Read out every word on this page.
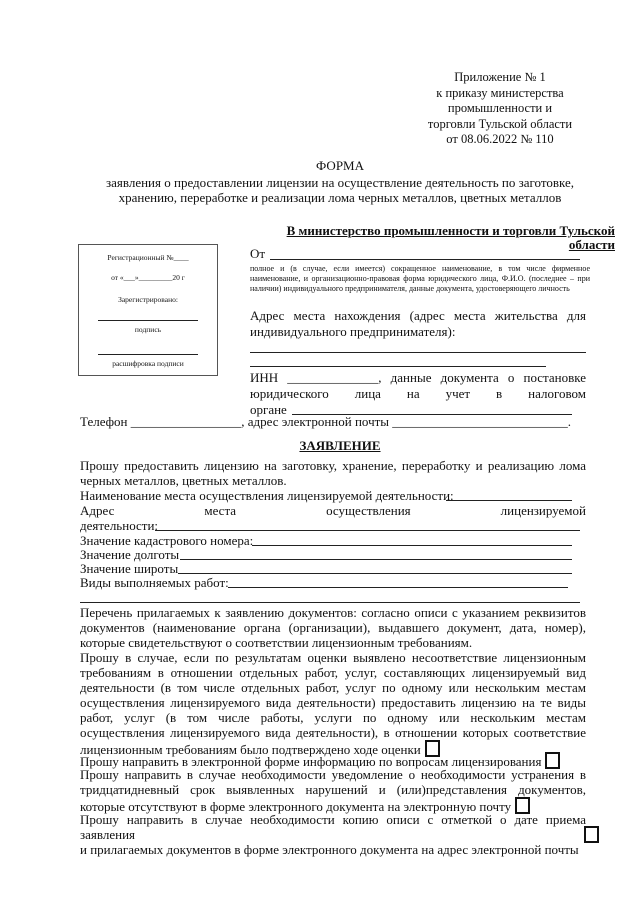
Приложение № 1
к приказу министерства
промышленности и
торговли Тульской области
от 08.06.2022 № 110
ФОРМА
заявления о предоставлении лицензии на осуществление деятельность по заготовке,
хранению, переработке и реализации лома черных металлов, цветных металлов
В министерство промышленности и торговли Тульской
области
Регистрационный №____
от «___»_________20 г
Зарегистрировано:
подпись
расшифровка подписи
От
полное и (в случае, если имеется) сокращенное наименование, в том числе фирменное наименование, и организационно-правовая форма юридического лица, Ф.И.О. (последнее – при наличии) индивидуального предпринимателя, данные документа, удостоверяющего личность
Адрес места нахождения (адрес места жительства для индивидуального предпринимателя):
ИНН ______________, данные документа о постановке
юридического лица на учет в налоговом
органе
Телефон _________________, адрес электронной почты ___________________________.
ЗАЯВЛЕНИЕ
Прошу предоставить лицензию на заготовку, хранение, переработку и реализацию лома черных металлов, цветных металлов.
Наименование места осуществления лицензируемой деятельности:
Адрес места осуществления лицензируемой
деятельности:
Значение кадастрового номера:
Значение долготы
Значение широты
Виды выполняемых работ:
Перечень прилагаемых к заявлению документов: согласно описи с указанием реквизитов документов (наименование органа (организации), выдавшего документ, дата, номер), которые свидетельствуют о соответствии лицензионным требованиям.
Прошу в случае, если по результатам оценки выявлено несоответствие лицензионным требованиям в отношении отдельных работ, услуг, составляющих лицензируемый вид деятельности (в том числе отдельных работ, услуг по одному или нескольким местам осуществления лицензируемого вида деятельности) предоставить лицензию на те виды работ, услуг (в том числе работы, услуги по одному или нескольким местам осуществления лицензируемого вида деятельности), в отношении которых соответствие лицензионным требованиям было подтверждено ходе оценки
Прошу направить в электронной форме информацию по вопросам лицензирования
Прошу направить в случае необходимости уведомление о необходимости устранения в тридцатидневный срок выявленных нарушений и (или)представления документов, которые отсутствуют в форме электронного документа на электронную почту
Прошу направить в случае необходимости копию описи с отметкой о дате приема заявления
и прилагаемых документов в форме электронного документа на адрес электронной почты
